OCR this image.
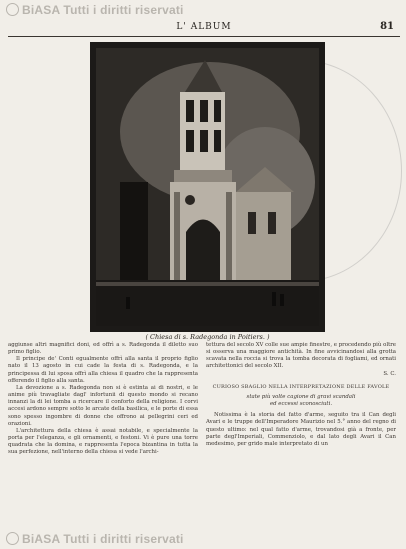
BiASA Tutti i diritti riservati
L' ALBUM	81
( Chiesa di s. Radegonda in Poitiers. )

aggiunse altri magnifici doni, ed offrì a s. Radegonda il diletto suo primo figlio.

Il principe de' Conti egualmente offrì alla santa il proprio figlio nato il 13 agosto in cui cade la festa di s. Radegonda, e la principessa di lui sposa offrì alla chiesa il quadro che la rappresenta offerendo il figlio alla santa.

La devozione a s. Radegonda non si è estinta ai di nostri, e le anime più travagliate dagl' infortunii di questo mondo si recano innanzi la di lei tomba a ricercare il conforto della religione. I corvi accesi ardono sempre sotto le arcate della basilica, e le porte di essa sono spesso ingombre di donne che offrono ai pellegrini ceri ed orazioni.

L'architettura della chiesa è assai notabile, e specialmente la porta per l'eleganza, e gli ornamenti, e festoni. Vi è pure una torre quadrata che la domina, e rappresenta l'epoca bizantina in tutta la sua perfezione, nell'interno della chiesa si vede l'archi-

tettura del secolo XV colle sue ampie finestre, e procedendo più oltre si osserva una maggiore antichità. In fine avvicinandosi alla grotta scavata nella roccia si trova la tomba decorata di fogliami, ed ornati architettonici del secolo XII.

S. C.

CURIOSO SBAGLIO NELLA INTERPRETAZIONE DELLE FAVOLE

state più volte cagione di gravi scandali

ed eccessi sconosciuti.

Notissima è la storia del fatto d'arme, seguito tra il Can degli Avari e le truppe dell'Imperadore Maurizio nel 5.° anno del regno di questo ultimo: nel qual fatto d'arme, trovandosi già a fronte, per parte degl'Imperiali, Commenziolo, e dal lato degli Avari il Can medesimo, per grido male interpretato di un

BiASA Tutti i diritti riservati
